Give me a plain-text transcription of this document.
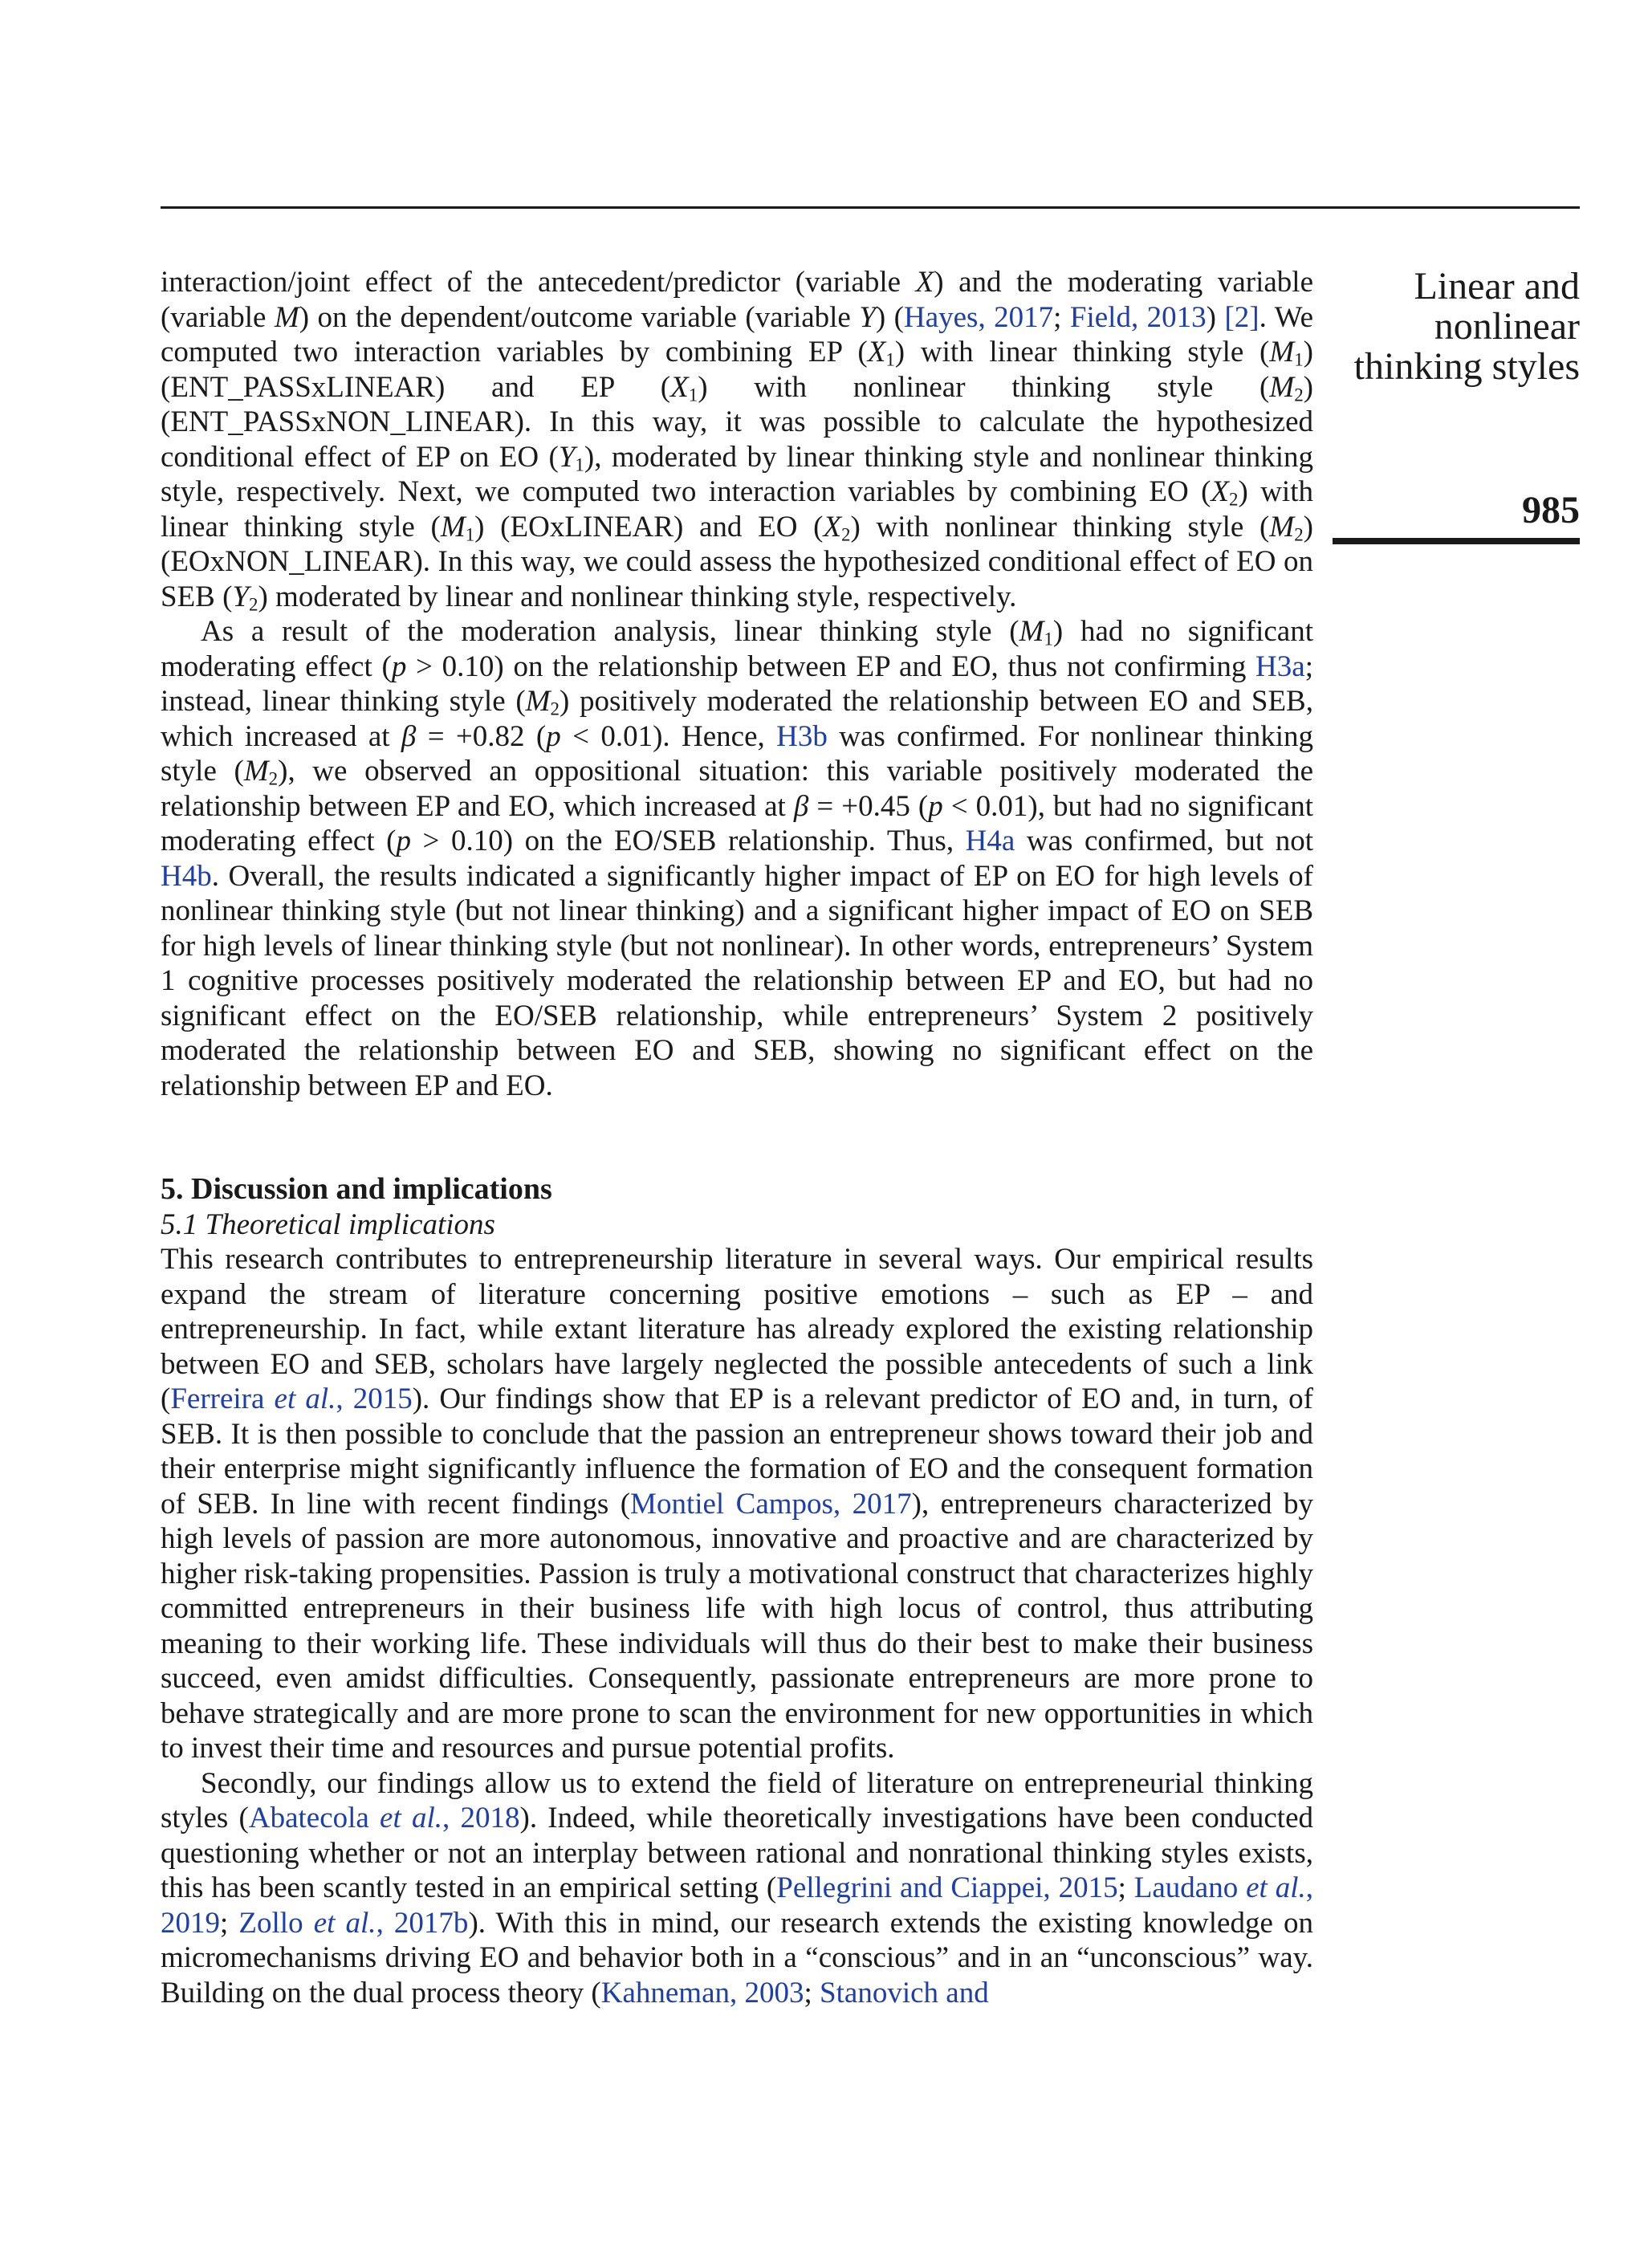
Linear and
nonlinear
thinking styles
985

interaction/joint effect of the antecedent/predictor (variable X) and the moderating variable (variable M) on the dependent/outcome variable (variable Y) (Hayes, 2017; Field, 2013) [2]. We computed two interaction variables by combining EP $(X_1)$ with linear thinking style $(M_1)$ (ENT_PASSxLINEAR) and EP $(X_1)$ with nonlinear thinking style $(M_2)$ (ENT_PASSxNON_LINEAR). In this way, it was possible to calculate the hypothesized conditional effect of EP on EO $(Y_1)$, moderated by linear thinking style and nonlinear thinking style, respectively. Next, we computed two interaction variables by combining EO $(X_2)$ with linear thinking style $(M_1)$ (EOxLINEAR) and EO $(X_2)$ with nonlinear thinking style $(M_2)$ (EOxNON_LINEAR). In this way, we could assess the hypothesized conditional effect of EO on SEB $(Y_2)$ moderated by linear and nonlinear thinking style, respectively.

As a result of the moderation analysis, linear thinking style $(M_1)$ had no significant moderating effect (p > 0.10) on the relationship between EP and EO, thus not confirming H3a; instead, linear thinking style $(M_2)$ positively moderated the relationship between EO and SEB, which increased at β = +0.82 (p < 0.01). Hence, H3b was confirmed. For nonlinear thinking style $(M_2)$, we observed an oppositional situation: this variable positively moderated the relationship between EP and EO, which increased at β = +0.45 (p < 0.01), but had no significant moderating effect (p > 0.10) on the EO/SEB relationship. Thus, H4a was confirmed, but not H4b. Overall, the results indicated a significantly higher impact of EP on EO for high levels of nonlinear thinking style (but not linear thinking) and a significant higher impact of EO on SEB for high levels of linear thinking style (but not nonlinear). In other words, entrepreneurs’ System 1 cognitive processes positively moderated the relationship between EP and EO, but had no significant effect on the EO/SEB relationship, while entrepreneurs’ System 2 positively moderated the relationship between EO and SEB, showing no significant effect on the relationship between EP and EO.

5. Discussion and implications

5.1 Theoretical implications

This research contributes to entrepreneurship literature in several ways. Our empirical results expand the stream of literature concerning positive emotions – such as EP – and entrepreneurship. In fact, while extant literature has already explored the existing relationship between EO and SEB, scholars have largely neglected the possible antecedents of such a link (Ferreira et al., 2015). Our findings show that EP is a relevant predictor of EO and, in turn, of SEB. It is then possible to conclude that the passion an entrepreneur shows toward their job and their enterprise might significantly influence the formation of EO and the consequent formation of SEB. In line with recent findings (Montiel Campos, 2017), entrepreneurs characterized by high levels of passion are more autonomous, innovative and proactive and are characterized by higher risk-taking propensities. Passion is truly a motivational construct that characterizes highly committed entrepreneurs in their business life with high locus of control, thus attributing meaning to their working life. These individuals will thus do their best to make their business succeed, even amidst difficulties. Consequently, passionate entrepreneurs are more prone to behave strategically and are more prone to scan the environment for new opportunities in which to invest their time and resources and pursue potential profits.

Secondly, our findings allow us to extend the field of literature on entrepreneurial thinking styles (Abatecola et al., 2018). Indeed, while theoretically investigations have been conducted questioning whether or not an interplay between rational and nonrational thinking styles exists, this has been scantly tested in an empirical setting (Pellegrini and Ciappei, 2015; Laudano et al., 2019; Zollo et al., 2017b). With this in mind, our research extends the existing knowledge on micromechanisms driving EO and behavior both in a “conscious” and in an “unconscious” way. Building on the dual process theory (Kahneman, 2003; Stanovich and
